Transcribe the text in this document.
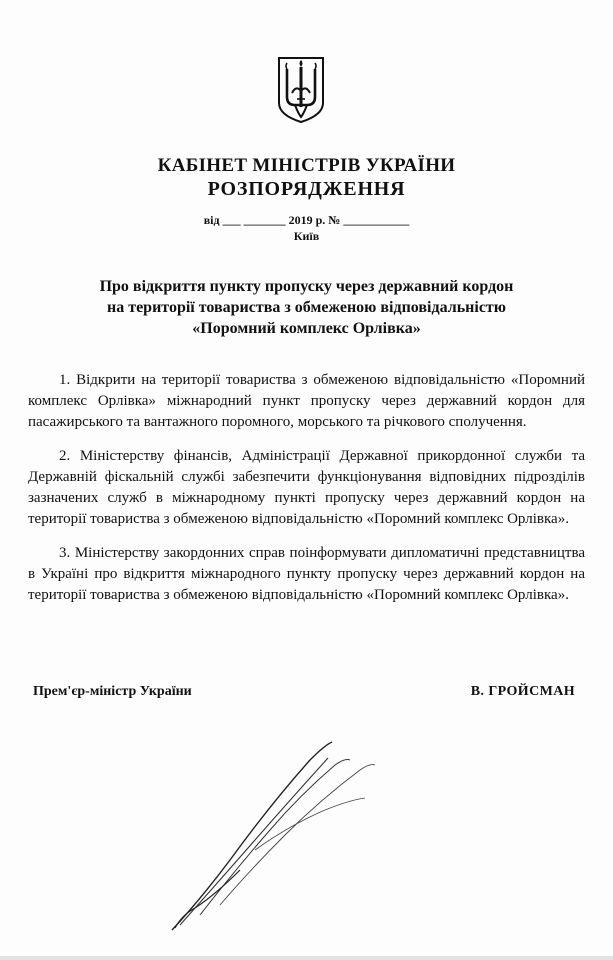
КАБІНЕТ МІНІСТРІВ УКРАЇНИ
РОЗПОРЯДЖЕННЯ
від ___ _______ 2019 р. № ___________
Київ
Про відкриття пункту пропуску через державний кордон
на території товариства з обмеженою відповідальністю
«Поромний комплекс Орлівка»

1. Відкрити на території товариства з обмеженою відповідальністю «Поромний комплекс Орлівка» міжнародний пункт пропуску через державний кордон для пасажирського та вантажного поромного, морського та річкового сполучення.

2. Міністерству фінансів, Адміністрації Державної прикордонної служби та Державній фіскальній службі забезпечити функціонування відповідних підрозділів зазначених служб в міжнародному пункті пропуску через державний кордон на території товариства з обмеженою відповідальністю «Поромний комплекс Орлівка».

3. Міністерству закордонних справ поінформувати дипломатичні представництва в Україні про відкриття міжнародного пункту пропуску через державний кордон на території товариства з обмеженою відповідальністю «Поромний комплекс Орлівка».

Прем'єр-міністр України	В. ГРОЙСМАН
